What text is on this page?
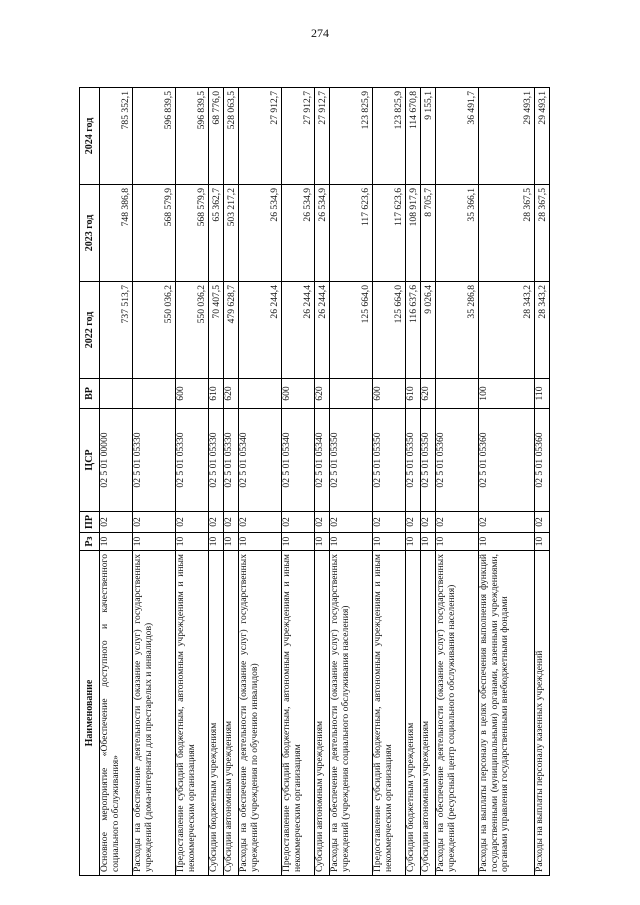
274
Наименование	Рз	ПР	ЦСР	ВР	2022 год	2023 год	2024 год
Основное мероприятие «Обеспечение доступного и качественного социального обслуживания»	10	02	02 5 01 00000		737 513,7	748 386,8	785 352,1
Расходы на обеспечение деятельности (оказание услуг) государственных учреждений (дома-интернаты для престарелых и инвалидов)	10	02	02 5 01 05330		550 036,2	568 579,9	596 839,5
Предоставление субсидий бюджетным, автономным учреждениям и иным некоммерческим организациям	10	02	02 5 01 05330	600	550 036,2	568 579,9	596 839,5
Субсидии бюджетным учреждениям	10	02	02 5 01 05330	610	70 407,5	65 362,7	68 776,0
Субсидии автономным учреждениям	10	02	02 5 01 05330	620	479 628,7	503 217,2	528 063,5
Расходы на обеспечение деятельности (оказание услуг) государственных учреждений (учреждения по обучению инвалидов)	10	02	02 5 01 05340		26 244,4	26 534,9	27 912,7
Предоставление субсидий бюджетным, автономным учреждениям и иным некоммерческим организациям	10	02	02 5 01 05340	600	26 244,4	26 534,9	27 912,7
Субсидии автономным учреждениям	10	02	02 5 01 05340	620	26 244,4	26 534,9	27 912,7
Расходы на обеспечение деятельности (оказание услуг) государственных учреждений (учреждения социального обслуживания населения)	10	02	02 5 01 05350		125 664,0	117 623,6	123 825,9
Предоставление субсидий бюджетным, автономным учреждениям и иным некоммерческим организациям	10	02	02 5 01 05350	600	125 664,0	117 623,6	123 825,9
Субсидии бюджетным учреждениям	10	02	02 5 01 05350	610	116 637,6	108 917,9	114 670,8
Субсидии автономным учреждениям	10	02	02 5 01 05350	620	9 026,4	8 705,7	9 155,1
Расходы на обеспечение деятельности (оказание услуг) государственных учреждений (ресурсный центр социального обслуживания населения)	10	02	02 5 01 05360		35 286,8	35 366,1	36 491,7
Расходы на выплаты персоналу в целях обеспечения выполнения функций государственными (муниципальными) органами, казенными учреждениями, органами управления государственными внебюджетными фондами	10	02	02 5 01 05360	100	28 343,2	28 367,5	29 493,1
Расходы на выплаты персоналу казенных учреждений	10	02	02 5 01 05360	110	28 343,2	28 367,5	29 493,1
